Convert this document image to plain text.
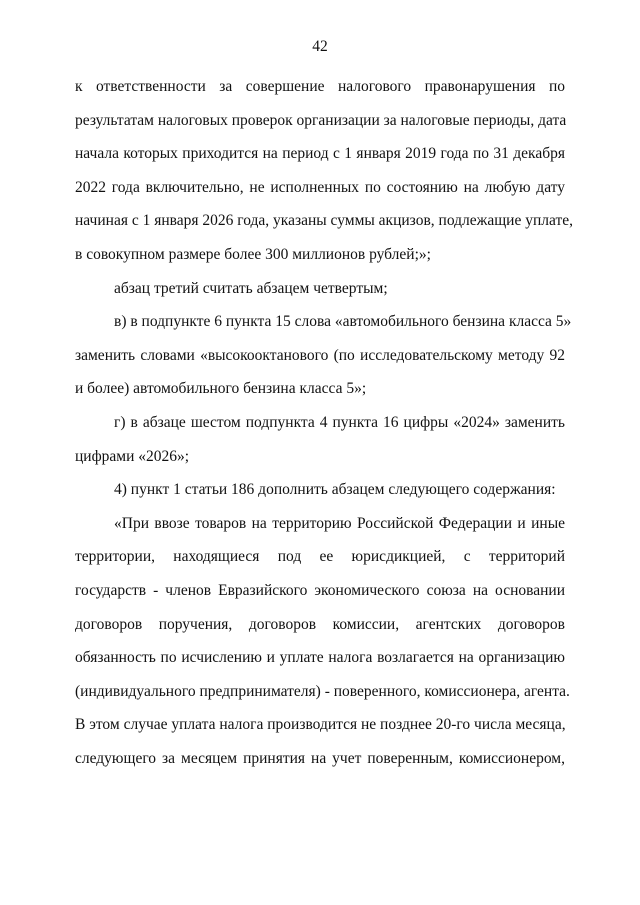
42
к ответственности за совершение налогового правонарушения по
результатам налоговых проверок организации за налоговые периоды, дата
начала которых приходится на период с 1 января 2019 года по 31 декабря
2022 года включительно, не исполненных по состоянию на любую дату
начиная с 1 января 2026 года, указаны суммы акцизов, подлежащие уплате,
в совокупном размере более 300 миллионов рублей;»;
абзац третий считать абзацем четвертым;
в) в подпункте 6 пункта 15 слова «автомобильного бензина класса 5»
заменить словами «высокооктанового (по исследовательскому методу 92
и более) автомобильного бензина класса 5»;
г) в абзаце шестом подпункта 4 пункта 16 цифры «2024» заменить
цифрами «2026»;
4) пункт 1 статьи 186 дополнить абзацем следующего содержания:
«При ввозе товаров на территорию Российской Федерации и иные
территории, находящиеся под ее юрисдикцией, с территорий
государств - членов Евразийского экономического союза на основании
договоров поручения, договоров комиссии, агентских договоров
обязанность по исчислению и уплате налога возлагается на организацию
(индивидуального предпринимателя) - поверенного, комиссионера, агента.
В этом случае уплата налога производится не позднее 20-го числа месяца,
следующего за месяцем принятия на учет поверенным, комиссионером,
